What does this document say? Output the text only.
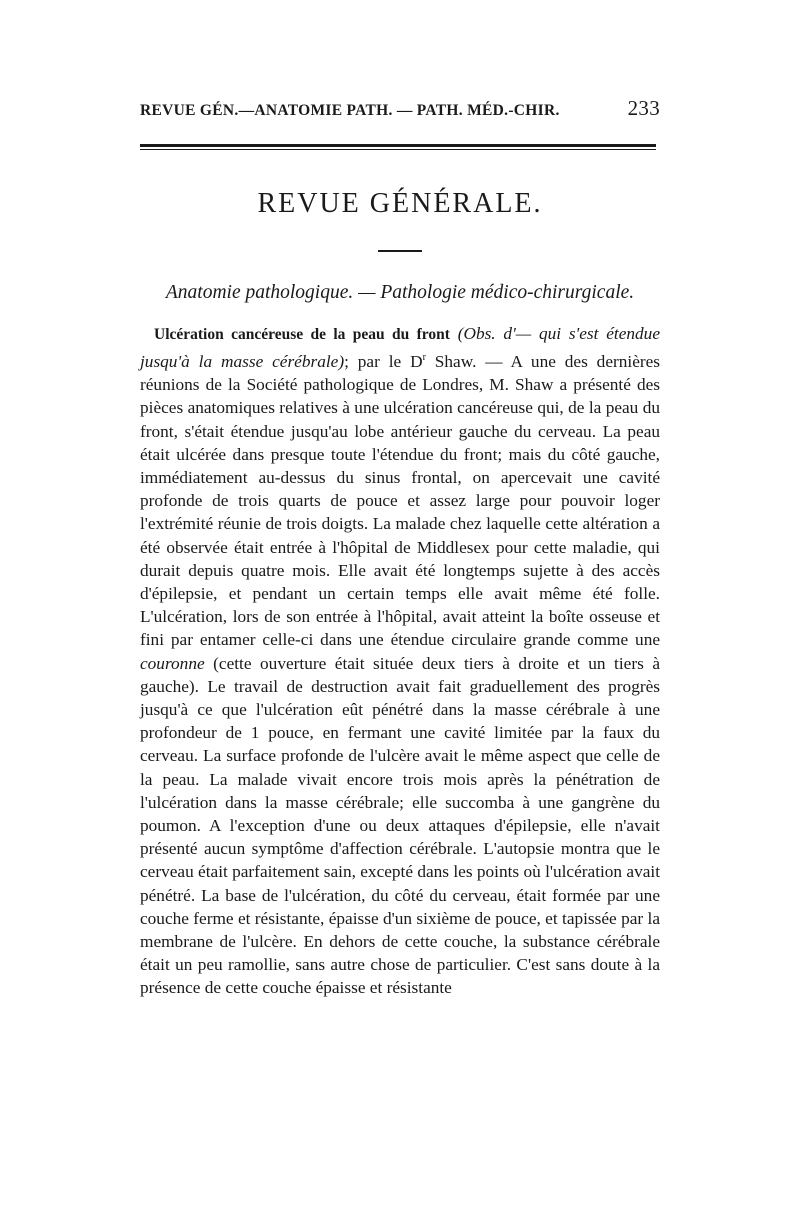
REVUE GÉN.—ANATOMIE PATH. — PATH. MÉD.-CHIR.	233
REVUE GÉNÉRALE.
Anatomie pathologique. — Pathologie médico-chirurgicale.

Ulcération cancéreuse de la peau du front (Obs. d'— qui s'est étendue jusqu'à la masse cérébrale); par le $D^r$ Shaw. — A une des dernières réunions de la Société pathologique de Londres, M. Shaw a présenté des pièces anatomiques relatives à une ulcération cancéreuse qui, de la peau du front, s'était étendue jusqu'au lobe antérieur gauche du cerveau. La peau était ulcérée dans presque toute l'étendue du front; mais du côté gauche, immédiatement au-dessus du sinus frontal, on apercevait une cavité profonde de trois quarts de pouce et assez large pour pouvoir loger l'extrémité réunie de trois doigts. La malade chez laquelle cette altération a été observée était entrée à l'hôpital de Middlesex pour cette maladie, qui durait depuis quatre mois. Elle avait été longtemps sujette à des accès d'épilepsie, et pendant un certain temps elle avait même été folle. L'ulcération, lors de son entrée à l'hôpital, avait atteint la boîte osseuse et fini par entamer celle-ci dans une étendue circulaire grande comme une couronne (cette ouverture était située deux tiers à droite et un tiers à gauche). Le travail de destruction avait fait graduellement des progrès jusqu'à ce que l'ulcération eût pénétré dans la masse cérébrale à une profondeur de 1 pouce, en fermant une cavité limitée par la faux du cerveau. La surface profonde de l'ulcère avait le même aspect que celle de la peau. La malade vivait encore trois mois après la pénétration de l'ulcération dans la masse cérébrale; elle succomba à une gangrène du poumon. A l'exception d'une ou deux attaques d'épilepsie, elle n'avait présenté aucun symptôme d'affection cérébrale. L'autopsie montra que le cerveau était parfaitement sain, excepté dans les points où l'ulcération avait pénétré. La base de l'ulcération, du côté du cerveau, était formée par une couche ferme et résistante, épaisse d'un sixième de pouce, et tapissée par la membrane de l'ulcère. En dehors de cette couche, la substance cérébrale était un peu ramollie, sans autre chose de particulier. C'est sans doute à la présence de cette couche épaisse et résistante
